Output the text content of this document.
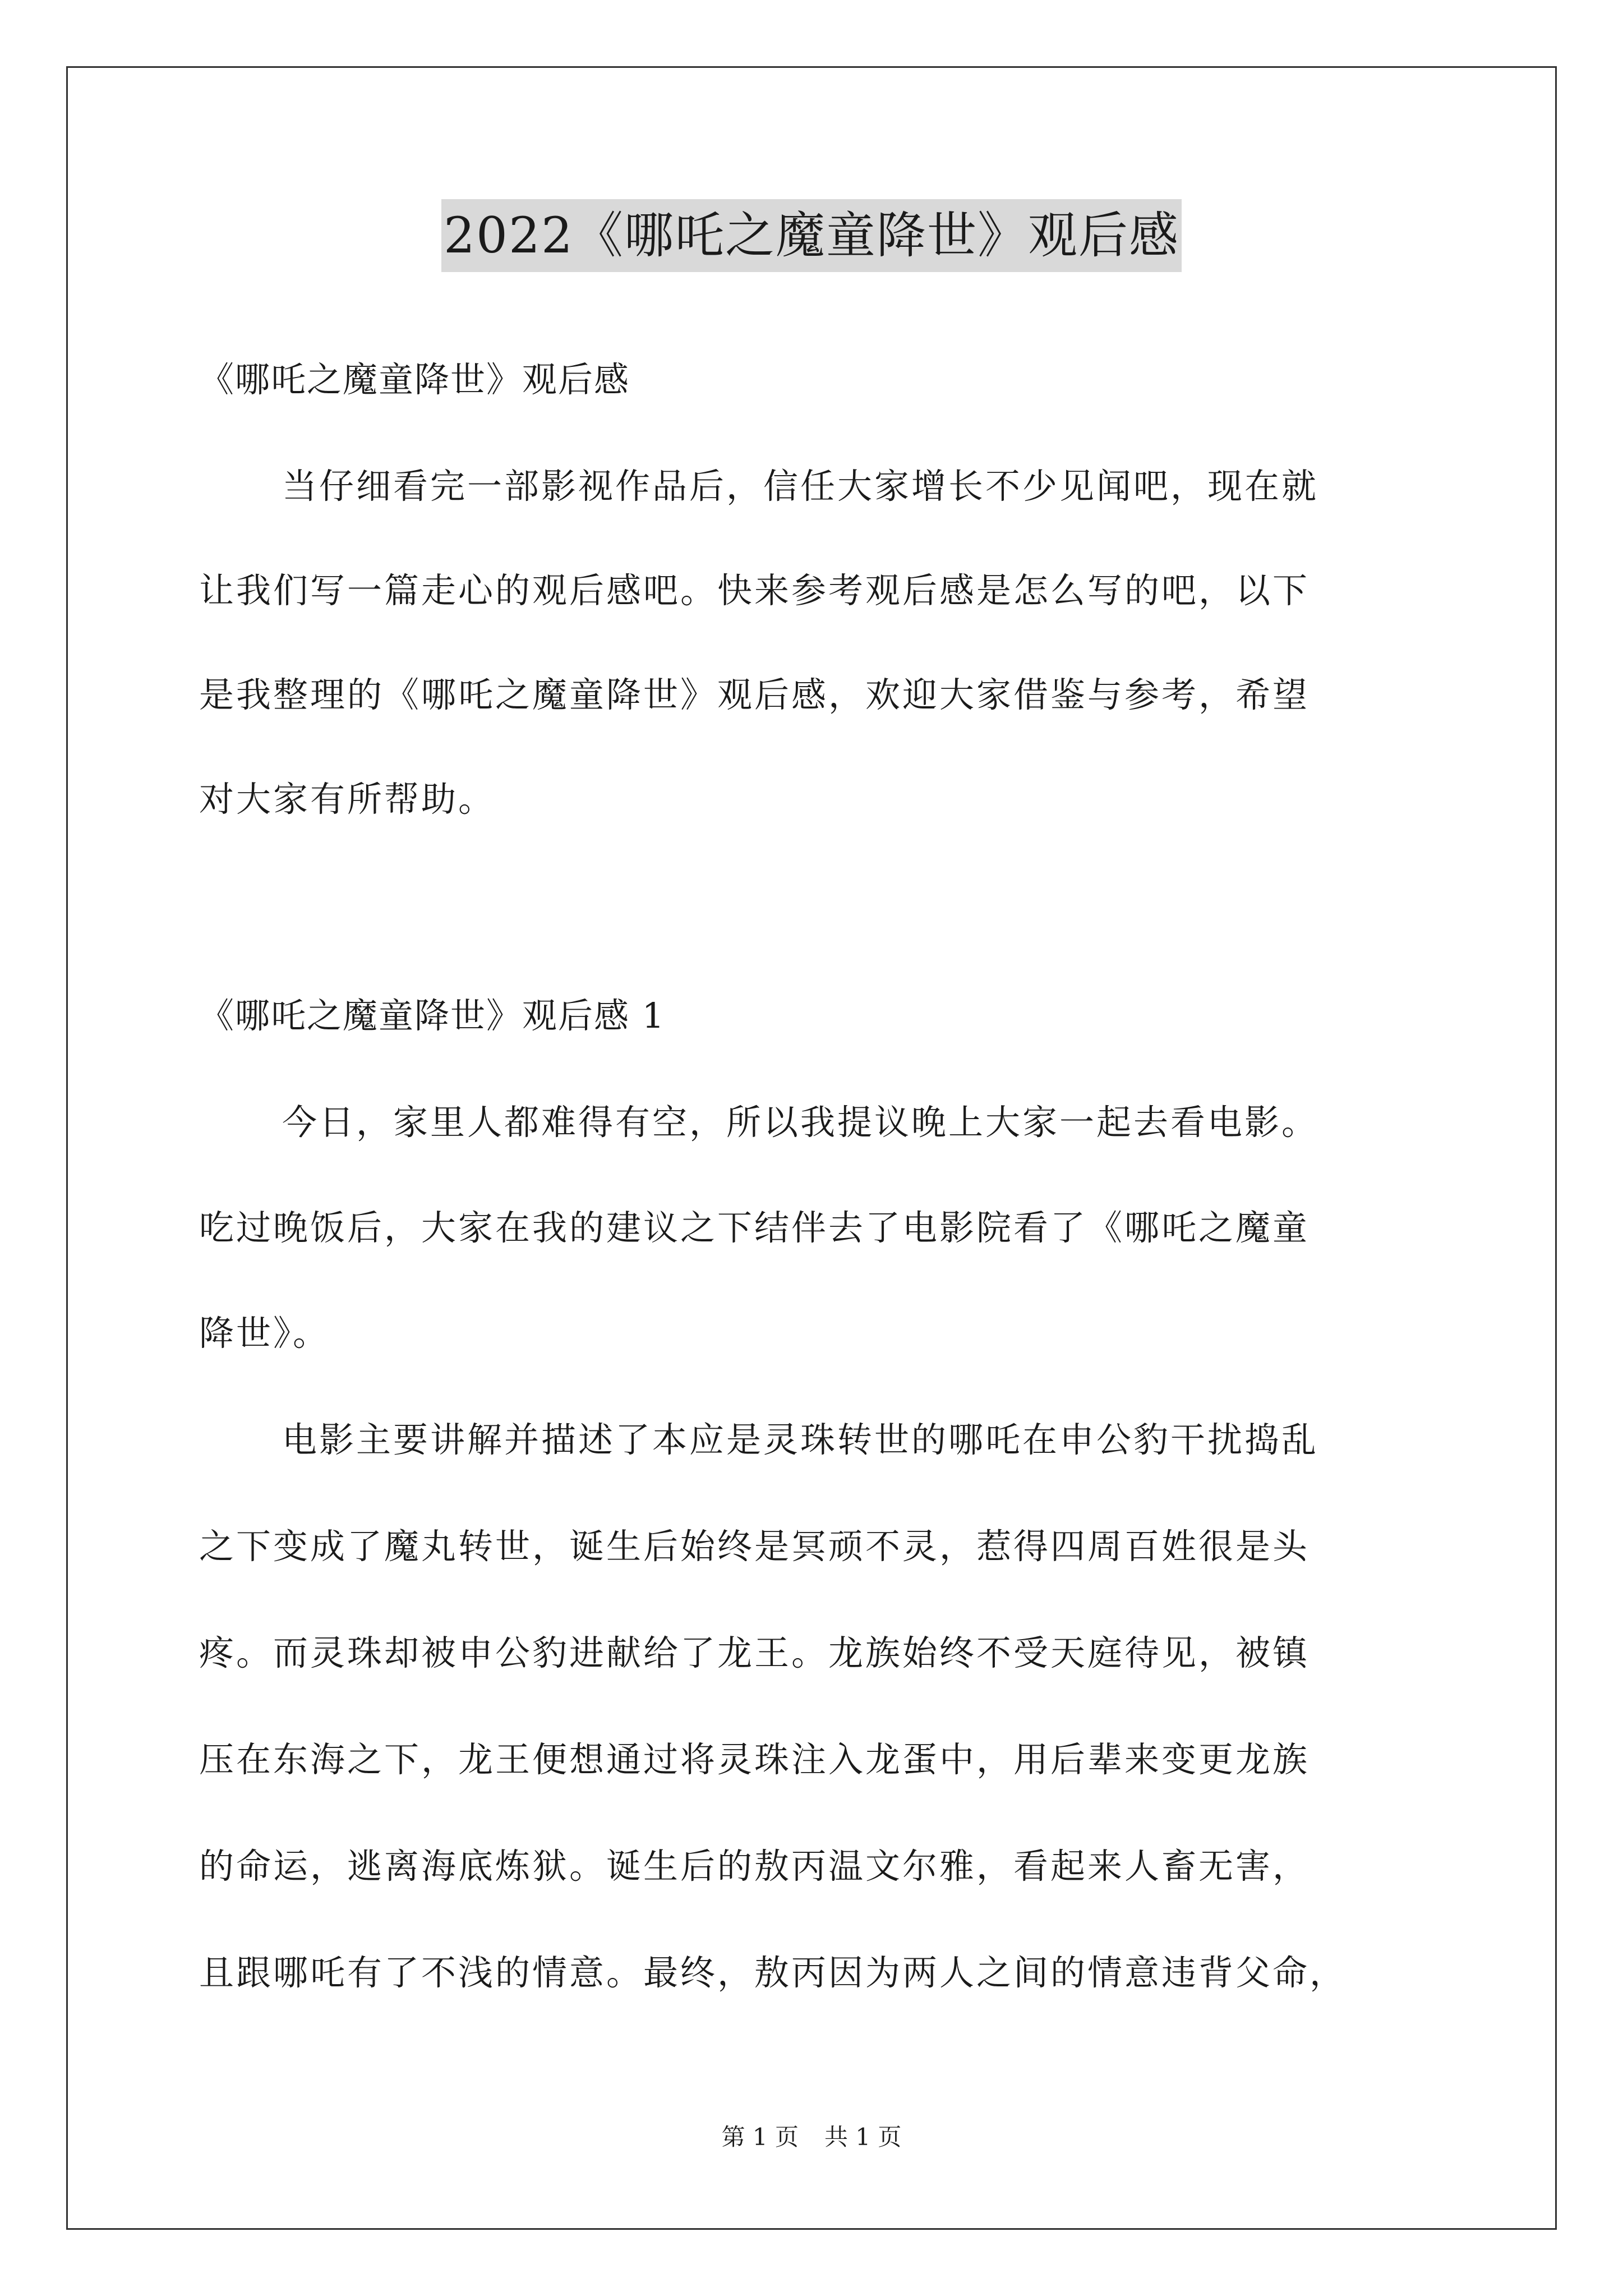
2022《哪吒之魔童降世》观后感
《哪吒之魔童降世》观后感
当仔细看完一部影视作品后，信任大家增长不少见闻吧，现在就
让我们写一篇走心的观后感吧。快来参考观后感是怎么写的吧，以下
是我整理的《哪吒之魔童降世》观后感，欢迎大家借鉴与参考，希望
对大家有所帮助。
《哪吒之魔童降世》观后感 1
今日，家里人都难得有空，所以我提议晚上大家一起去看电影。
吃过晚饭后，大家在我的建议之下结伴去了电影院看了《哪吒之魔童
降世》。
电影主要讲解并描述了本应是灵珠转世的哪吒在申公豹干扰捣乱
之下变成了魔丸转世，诞生后始终是冥顽不灵，惹得四周百姓很是头
疼。而灵珠却被申公豹进献给了龙王。龙族始终不受天庭待见，被镇
压在东海之下，龙王便想通过将灵珠注入龙蛋中，用后辈来变更龙族
的命运，逃离海底炼狱。诞生后的敖丙温文尔雅，看起来人畜无害，
且跟哪吒有了不浅的情意。最终，敖丙因为两人之间的情意违背父命，
第 1 页 共 1 页
